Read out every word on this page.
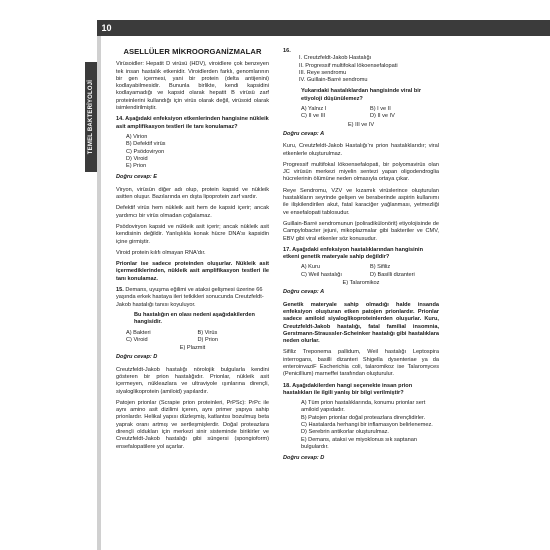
TEMEL BAKTERİYOLOJİ
10
ASELLÜLER MİKROORGANİZMALAR

Virüsoidler: Hepatit D virüsü (HDV), viroidlere çok benzeyen tek insan hastalık etkenidir. Viroidlerden farklı, genomlarının bir gen içermesi, yani bir protein (delta antijenini) kodlayabilmesidir. Bununla birlikte, kendi kapsidini kodlayamadığı ve kapsid olarak hepatit B virüsü zarf proteinlerini kullandığı için virüs olarak değil, virüsoid olarak isimlendirilmiştir.

14. Aşağıdaki enfeksiyon etkenlerinden hangisine nükleik asit amplifikasyon testleri ile tanı konulamaz?
A) Virion
B) Defektif virüs
C) Psödoviryon
D) Viroid
E) Prion
Doğru cevap: E

Viryon, virüsün diğer adı olup, protein kapsid ve nükleik asitten oluşur. Bazılarında en dışta lipoprotein zarf vardır.

Defektif virüs hem nükleik asit hem de kapsid içerir; ancak yardımcı bir virüs olmadan çoğalamaz.

Psödoviryon kapsid ve nükleik asit içerir; ancak nükleik asit kendisinin değildir. Yanlışlıkla konak hücre DNA'sı kapsidin içine girmiştir.

Viroid protein kılıfı olmayan RNA'dır.

Prionlar ise sadece proteinden oluşurlar. Nükleik asit içermediklerinden, nükleik asit amplifikasyon testleri ile tanı konulamaz.

15. Demans, uyuşma eğilimi ve ataksi gelişmesi üzerine 66 yaşında erkek hastaya ileri tetkikleri sonucunda Creutzfeldt-Jakob hastalığı tanısı koyuluyor.
Bu hastalığın en olası nedeni aşağıdakilerden hangisidir.
A) Bakteri	B) Virüs
C) Viroid	D) Prion
E) Plazmit
Doğru cevap: D

Creutzfeldt-Jakob hastalığı nörolojik bulgularla kendini gösteren bir prion hastalığıdır. Prionlar, nükleik asit içermeyen, nükleazlara ve ultraviyole ışınlarına dirençli, siyaloglikoprotein (amiloid) yapılardır.

Patojen prionlar (Scrapie prion proteinleri, PrPSc): PrPc ile aynı amino asit dizilimi içeren, aynı primer yapıya sahip prionlardır. Helikal yapısı düzleşmiş, katlantısı bozulmuş beta yaprak oranı artmış ve sertleşmişlerdir. Doğal proteazlara dirençli oldukları için merkezi sinir sisteminde birikirler ve Creutzfeldt-Jakob hastalığı gibi süngersi (spongioform) ensefalopatilere yol açarlar.

16.
I. Creutzfeldt-Jakob Hastalığı
II. Progressif multifokal lökoensefalopati
III. Reye sendromu
IV. Guillain-Barré sendromu
Yukarıdaki hastalıklardan hangisinde viral bir etiyoloji düşünülemez?
A) Yalnız I	B) I ve II
C) II ve III	D) II ve IV
E) III ve IV
Doğru cevap: A

Kuru, Creutzfeldt-Jakob Hastalığı’nı prion hastalıklarıdır; viral etkenlerle oluşturulmaz.

Progressif multifokal lökoensefalopati, bir polyomavirüs olan JC virüsün merkezi miyelin sentezi yapan oligodendroglia hücrelerinin ölümüne neden olmasıyla ortaya çıkar.

Reye Sendromu, VZV ve kızamık virüslerince oluşturulan hastalıkların seyrinde gelişen ve beraberinde aspirin kullanımı ile ilişkilendirilen akut, fatal karaciğer yağlanması, yetmezliği ve ensefalopati tablosudur.

Guillain-Barré sendromunun (poliradikülonörit) etiyolojisinde de Campylobacter jejuni, mikoplazmalar gibi bakteriler ve CMV, EBV gibi viral etkenler söz konusudur.

17. Aşağıdaki enfeksiyon hastalıklarından hangisinin etkeni genetik materyale sahip değildir?
A) Kuru	B) Sifiliz
C) Weil hastalığı	D) Basilli dizanteri
E) Talaromikoz
Doğru cevap: A

Genetik materyale sahip olmadığı halde insanda enfeksiyon oluşturan etken patojen prionlardır. Prionlar sadece amiloid siyaloglikoproteinlerden oluşurlar. Kuru, Creutzfeldt-Jakob hastalığı, fatal familial insomnia, Gerstmann-Straussler-Scheinker hastalığı gibi hastalıklara neden olurlar.

Sifiliz Treponema pallidum, Weil hastalığı Leptospira interrogans, basilli dizanteri Shigella dysenteriae ya da enteroinvaziF Escherichia coli, talaromikoz ise Talaromyces (Penicillium) marneffei tarafından oluşturulur.

18. Aşağıdakilerden hangi seçenekte insan prion hastalıkları ile ilgili yanlış bir bilgi verilmiştir?
A) Tüm prion hastalıklarında, konumu prionlar sert amiloid yapıdadır.
B) Patojen prionlar doğal proteazlara dirençlidirler.
C) Hastalarda herhangi bir inflamasyon belirlenemez.
D) Serebrin antikorlar oluşturulmaz.
E) Demans, ataksi ve miyoklonus sık saptanan bulgulardır.
Doğru cevap: D
